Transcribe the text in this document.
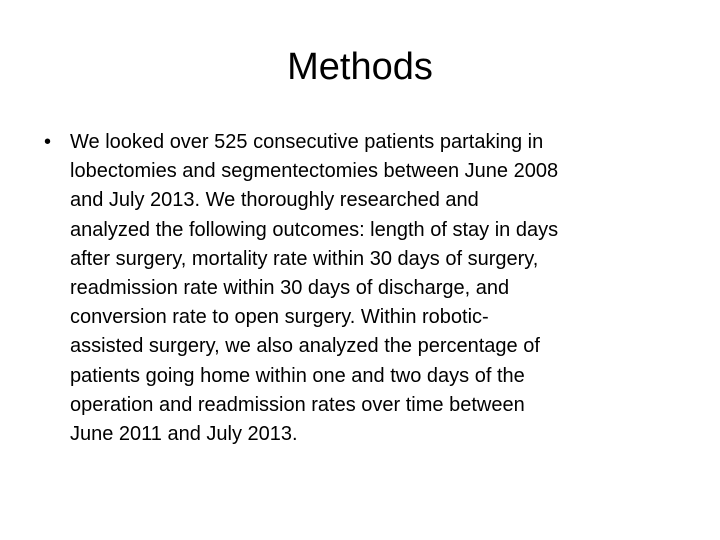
Methods
• We looked over 525 consecutive patients partaking in
lobectomies and segmentectomies between June 2008
and July 2013. We thoroughly researched and
analyzed the following outcomes: length of stay in days
after surgery, mortality rate within 30 days of surgery,
readmission rate within 30 days of discharge, and
conversion rate to open surgery. Within robotic-
assisted surgery, we also analyzed the percentage of
patients going home within one and two days of the
operation and readmission rates over time between
June 2011 and July 2013.
